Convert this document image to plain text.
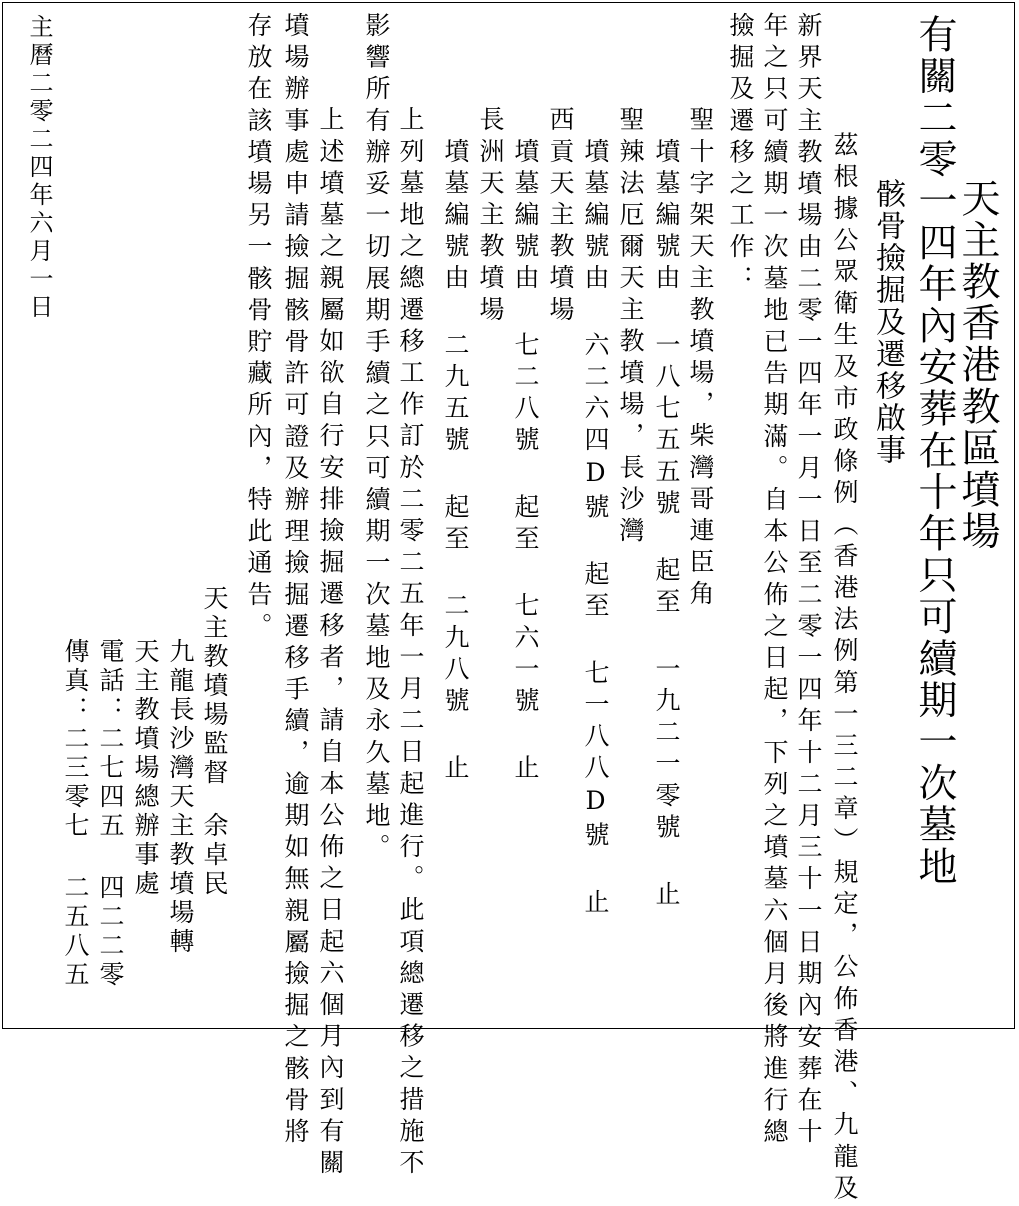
有關二零一四年內安葬在十年只可續期一次墓地
天主教香港教區墳場
骸骨撿掘及遷移啟事
　茲根據公眾衛生及市政條例（香港法例第一三二章）規定，公佈香港、九龍及
新界天主教墳場由二零一四年一月一日至二零一四年十二月三十一日期內安葬在十
年之只可續期一次墓地已告期滿。自本公佈之日起，下列之墳墓六個月後將進行總
撿掘及遷移之工作：
　　聖十字架天主教墳場，柴灣哥連臣角
　　　墳墓編號由 一八七五五號 起至 一九二一零號 止
　　聖辣法厄爾天主教墳場，長沙灣
　　　墳墓編號由 六二六四D號 起至 七一八八D號 止
　　西貢天主教墳場
　　　墳墓編號由 七二八號 起至 七六一號 止
　　長洲天主教墳場
　　　墳墓編號由 二九五號 起至 二九八號 止
　　上列墓地之總遷移工作訂於二零二五年一月二日起進行。此項總遷移之措施不
影響所有辦妥一切展期手續之只可續期一次墓地及永久墓地。
　　上述墳墓之親屬如欲自行安排撿掘遷移者，請自本公佈之日起六個月內到有關
墳場辦事處申請撿掘骸骨許可證及辦理撿掘遷移手續，逾期如無親屬撿掘之骸骨將
存放在該墳場另一骸骨貯藏所內，特此通告。
天主教墳場監督
余卓民
九龍長沙灣天主教墳場轉
天主教墳場總辦事處
電話：二七四五 四二二零
傳真：二三零七 二五八五
主曆二零二四年六月一日
